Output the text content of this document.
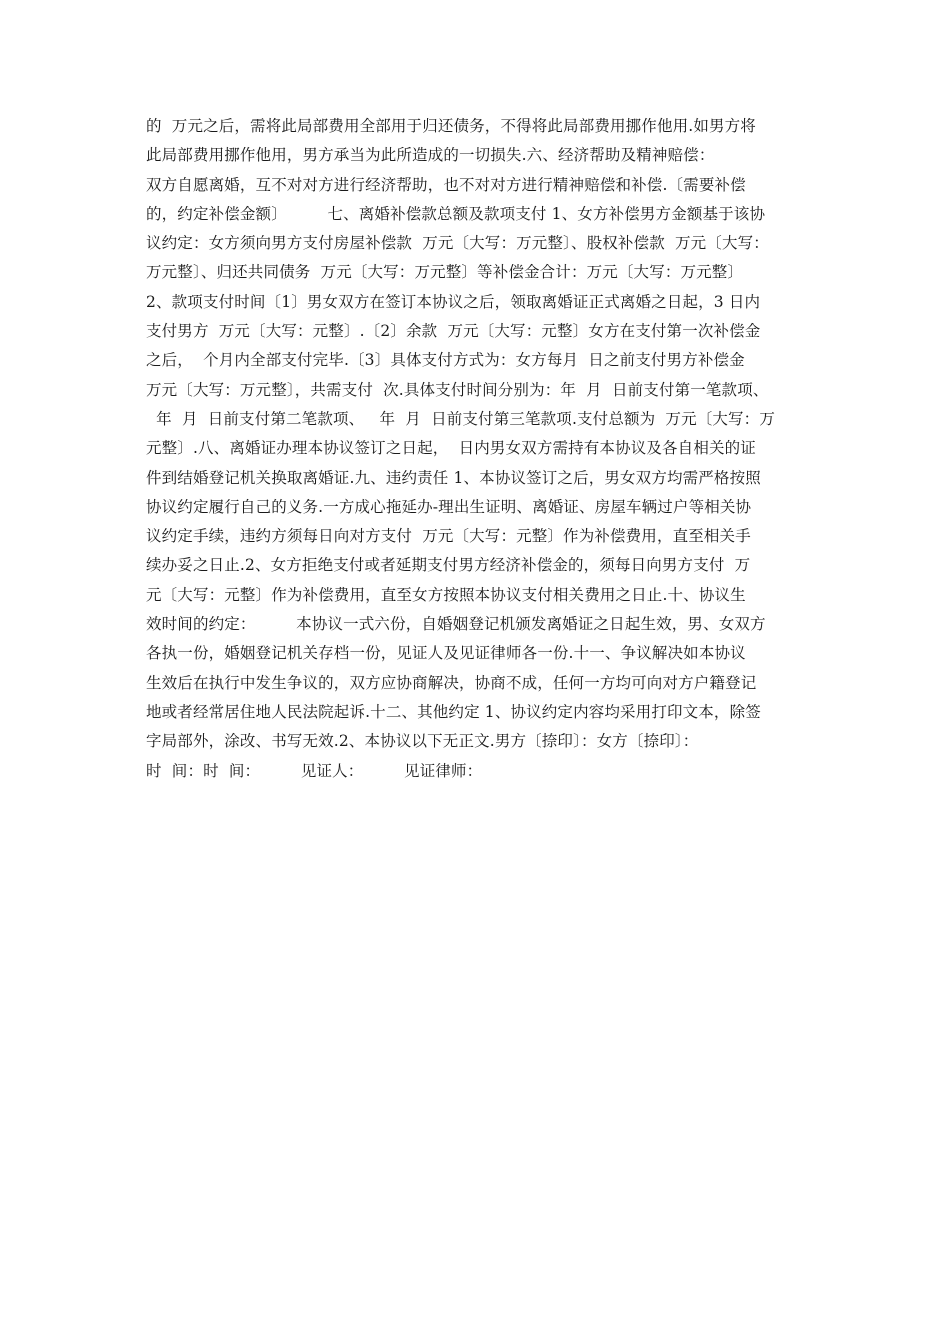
的  万元之后，需将此局部费用全部用于归还债务，不得将此局部费用挪作他用.如男方将
此局部费用挪作他用，男方承当为此所造成的一切损失.六、经济帮助及精神赔偿：
双方自愿离婚，互不对对方进行经济帮助，也不对对方进行精神赔偿和补偿.〔需要补偿
的，约定补偿金额〕        七、离婚补偿款总额及款项支付 1、女方补偿男方金额基于该协
议约定：女方须向男方支付房屋补偿款  万元〔大写：万元整〕、股权补偿款  万元〔大写：
万元整〕、归还共同债务  万元〔大写：万元整〕等补偿金合计：万元〔大写：万元整〕
2、款项支付时间〔1〕男女双方在签订本协议之后，领取离婚证正式离婚之日起，3 日内
支付男方  万元〔大写：元整〕.〔2〕余款  万元〔大写：元整〕女方在支付第一次补偿金
之后，  个月内全部支付完毕.〔3〕具体支付方式为：女方每月  日之前支付男方补偿金
万元〔大写：万元整〕，共需支付  次.具体支付时间分别为：年  月  日前支付第一笔款项、
年  月  日前支付第二笔款项、   年  月  日前支付第三笔款项.支付总额为  万元〔大写：万
元整〕.八、离婚证办理本协议签订之日起，  日内男女双方需持有本协议及各自相关的证
件到结婚登记机关换取离婚证.九、违约责任 1、本协议签订之后，男女双方均需严格按照
协议约定履行自己的义务.一方成心拖延办-理出生证明、离婚证、房屋车辆过户等相关协
议约定手续，违约方须每日向对方支付  万元〔大写：元整〕作为补偿费用，直至相关手
续办妥之日止.2、女方拒绝支付或者延期支付男方经济补偿金的，须每日向男方支付  万
元〔大写：元整〕作为补偿费用，直至女方按照本协议支付相关费用之日止.十、协议生
效时间的约定：        本协议一式六份，自婚姻登记机颁发离婚证之日起生效，男、女双方
各执一份，婚姻登记机关存档一份，见证人及见证律师各一份.十一、争议解决如本协议
生效后在执行中发生争议的，双方应协商解决，协商不成，任何一方均可向对方户籍登记
地或者经常居住地人民法院起诉.十二、其他约定 1、协议约定内容均采用打印文本，除签
字局部外，涂改、书写无效.2、本协议以下无正文.男方〔捺印〕：女方〔捺印〕：
时  间：时  间：        见证人：        见证律师：
